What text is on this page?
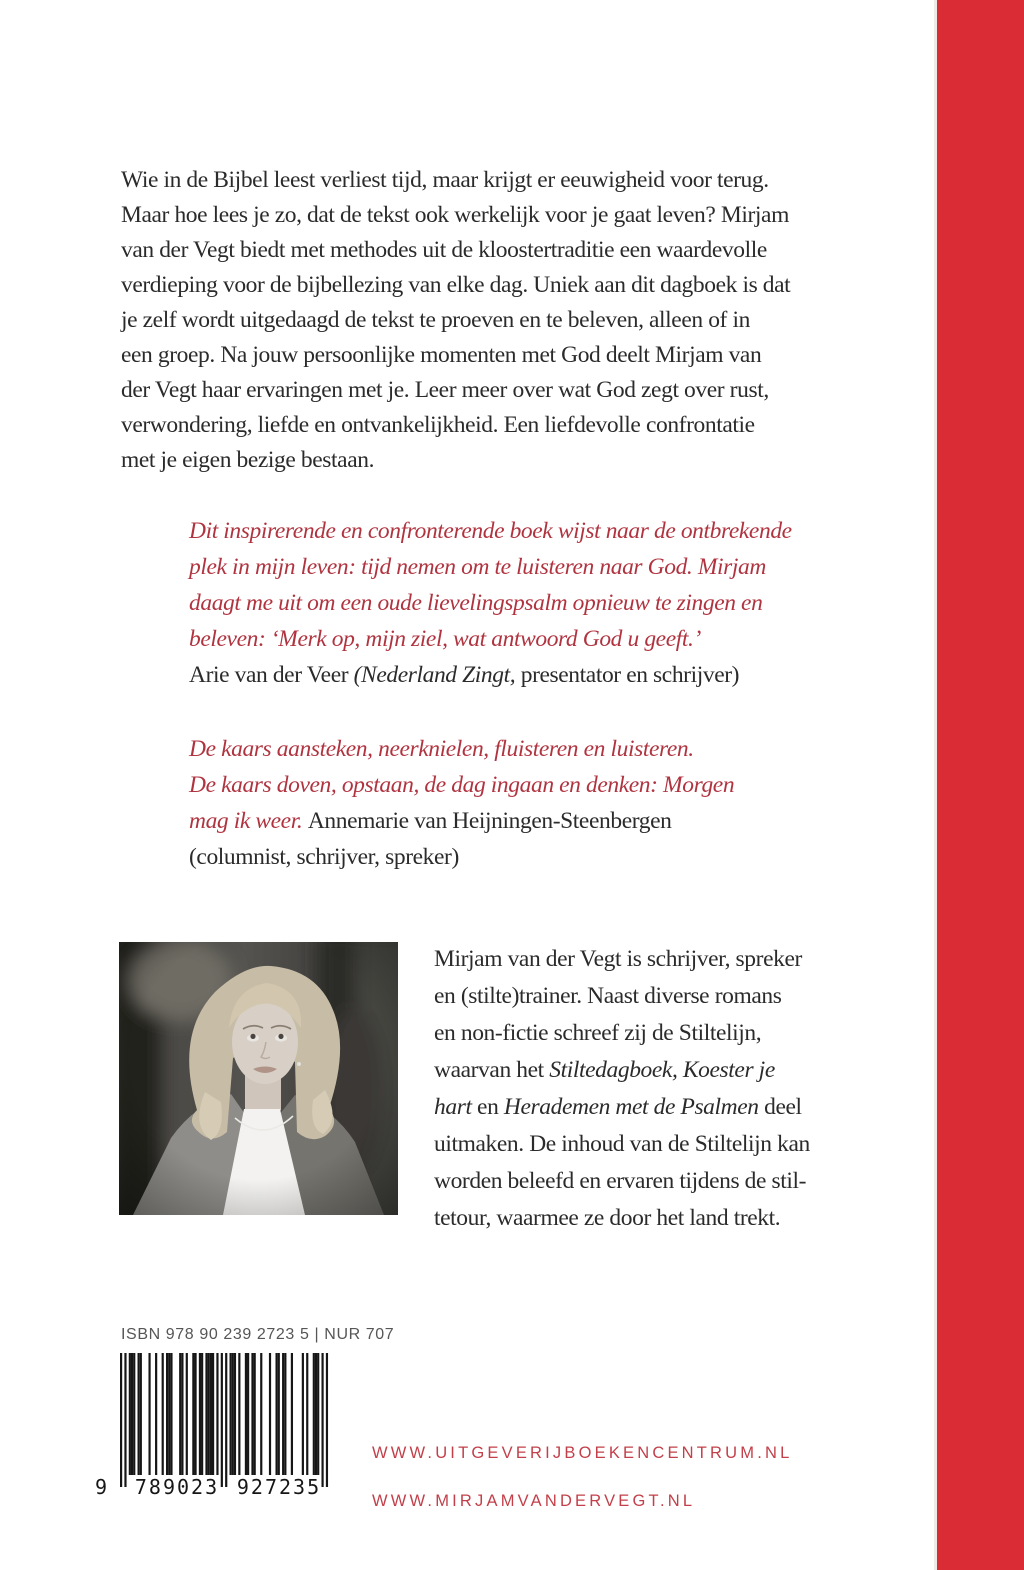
Wie in de Bijbel leest verliest tijd, maar krijgt er eeuwigheid voor terug.
Maar hoe lees je zo, dat de tekst ook werkelijk voor je gaat leven? Mirjam
van der Vegt biedt met methodes uit de kloostertraditie een waardevolle
verdieping voor de bijbellezing van elke dag. Uniek aan dit dagboek is dat
je zelf wordt uitgedaagd de tekst te proeven en te beleven, alleen of in
een groep. Na jouw persoonlijke momenten met God deelt Mirjam van
der Vegt haar ervaringen met je. Leer meer over wat God zegt over rust,
verwondering, liefde en ontvankelijkheid. Een liefdevolle confrontatie
met je eigen bezige bestaan.
Dit inspirerende en confronterende boek wijst naar de ontbrekende
plek in mijn leven: tijd nemen om te luisteren naar God. Mirjam
daagt me uit om een oude lievelingspsalm opnieuw te zingen en
beleven: ‘Merk op, mijn ziel, wat antwoord God u geeft.’
Arie van der Veer (Nederland Zingt, presentator en schrijver)
De kaars aansteken, neerknielen, fluisteren en luisteren.
De kaars doven, opstaan, de dag ingaan en denken: Morgen
mag ik weer. Annemarie van Heijningen-Steenbergen
(columnist, schrijver, spreker)
Mirjam van der Vegt is schrijver, spreker
en (stilte)trainer. Naast diverse romans
en non-fictie schreef zij de Stiltelijn,
waarvan het Stiltedagboek, Koester je
hart en Herademen met de Psalmen deel
uitmaken. De inhoud van de Stiltelijn kan
worden beleefd en ervaren tijdens de stil-
tetour, waarmee ze door het land trekt.
ISBN 978 90 239 2723 5 | NUR 707
9	789023 927235
WWW.UITGEVERIJBOEKENCENTRUM.NL
WWW.MIRJAMVANDERVEGT.NL
